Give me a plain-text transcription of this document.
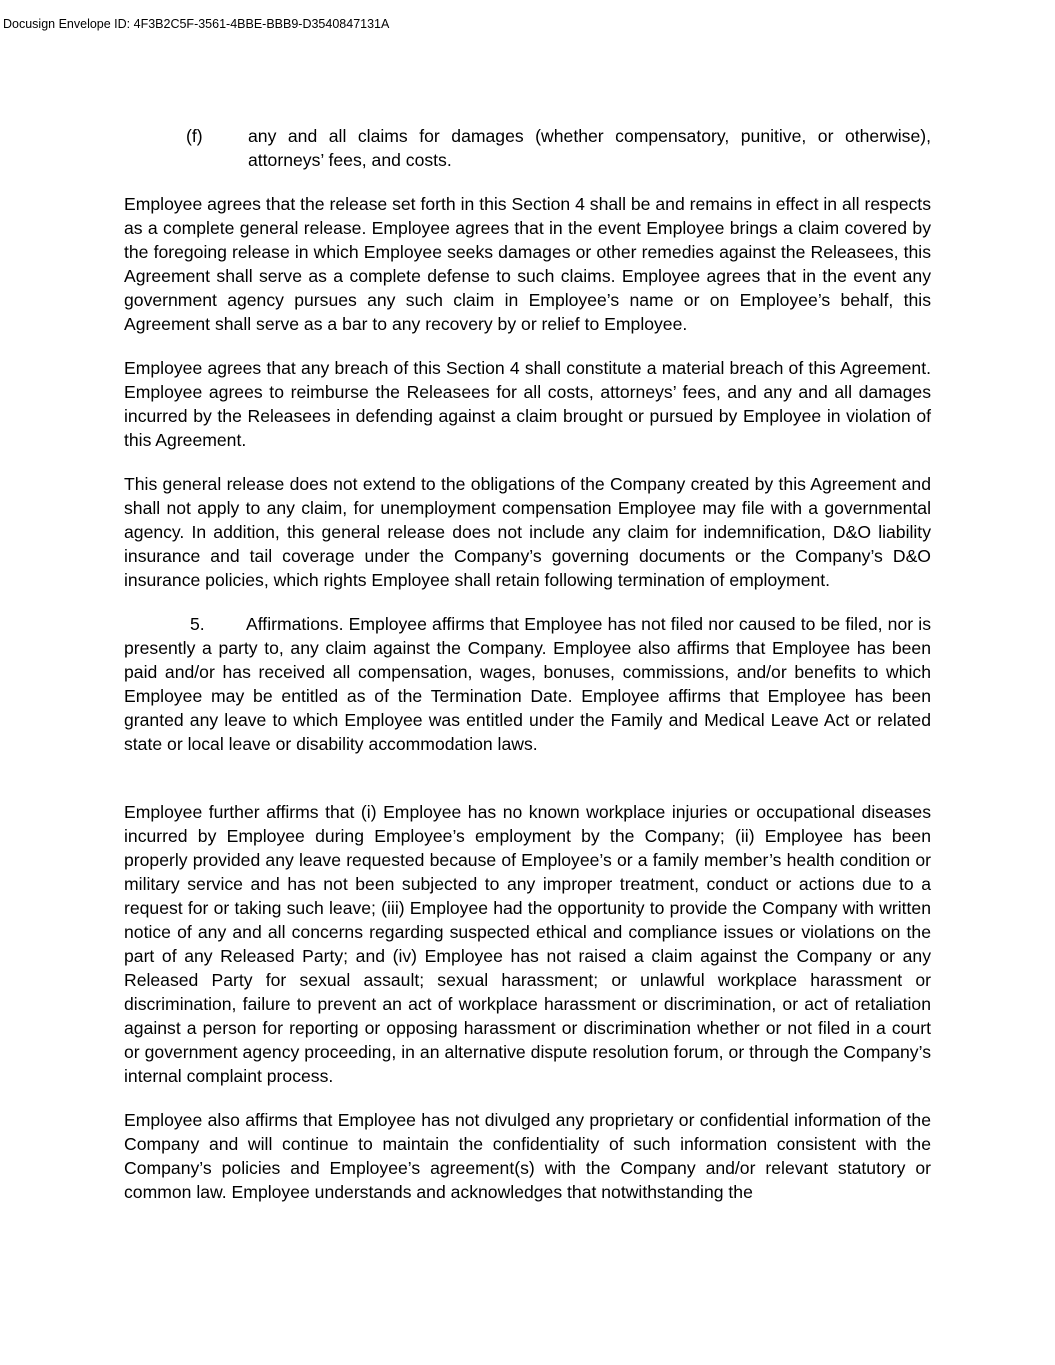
Docusign Envelope ID: 4F3B2C5F-3561-4BBE-BBB9-D3540847131A
(f)	any and all claims for damages (whether compensatory, punitive, or otherwise), attorneys’ fees, and costs.

Employee agrees that the release set forth in this Section 4 shall be and remains in effect in all respects as a complete general release. Employee agrees that in the event Employee brings a claim covered by the foregoing release in which Employee seeks damages or other remedies against the Releasees, this Agreement shall serve as a complete defense to such claims. Employee agrees that in the event any government agency pursues any such claim in Employee’s name or on Employee’s behalf, this Agreement shall serve as a bar to any recovery by or relief to Employee.

Employee agrees that any breach of this Section 4 shall constitute a material breach of this Agreement. Employee agrees to reimburse the Releasees for all costs, attorneys’ fees, and any and all damages incurred by the Releasees in defending against a claim brought or pursued by Employee in violation of this Agreement.

This general release does not extend to the obligations of the Company created by this Agreement and shall not apply to any claim, for unemployment compensation Employee may file with a governmental agency. In addition, this general release does not include any claim for indemnification, D&O liability insurance and tail coverage under the Company’s governing documents or the Company’s D&O insurance policies, which rights Employee shall retain following termination of employment.

5. Affirmations. Employee affirms that Employee has not filed nor caused to be filed, nor is presently a party to, any claim against the Company. Employee also affirms that Employee has been paid and/or has received all compensation, wages, bonuses, commissions, and/or benefits to which Employee may be entitled as of the Termination Date. Employee affirms that Employee has been granted any leave to which Employee was entitled under the Family and Medical Leave Act or related state or local leave or disability accommodation laws.

Employee further affirms that (i) Employee has no known workplace injuries or occupational diseases incurred by Employee during Employee’s employment by the Company; (ii) Employee has been properly provided any leave requested because of Employee’s or a family member’s health condition or military service and has not been subjected to any improper treatment, conduct or actions due to a request for or taking such leave; (iii) Employee had the opportunity to provide the Company with written notice of any and all concerns regarding suspected ethical and compliance issues or violations on the part of any Released Party; and (iv) Employee has not raised a claim against the Company or any Released Party for sexual assault; sexual harassment; or unlawful workplace harassment or discrimination, failure to prevent an act of workplace harassment or discrimination, or act of retaliation against a person for reporting or opposing harassment or discrimination whether or not filed in a court or government agency proceeding, in an alternative dispute resolution forum, or through the Company’s internal complaint process.

Employee also affirms that Employee has not divulged any proprietary or confidential information of the Company and will continue to maintain the confidentiality of such information consistent with the Company’s policies and Employee’s agreement(s) with the Company and/or relevant statutory or common law. Employee understands and acknowledges that notwithstanding the
